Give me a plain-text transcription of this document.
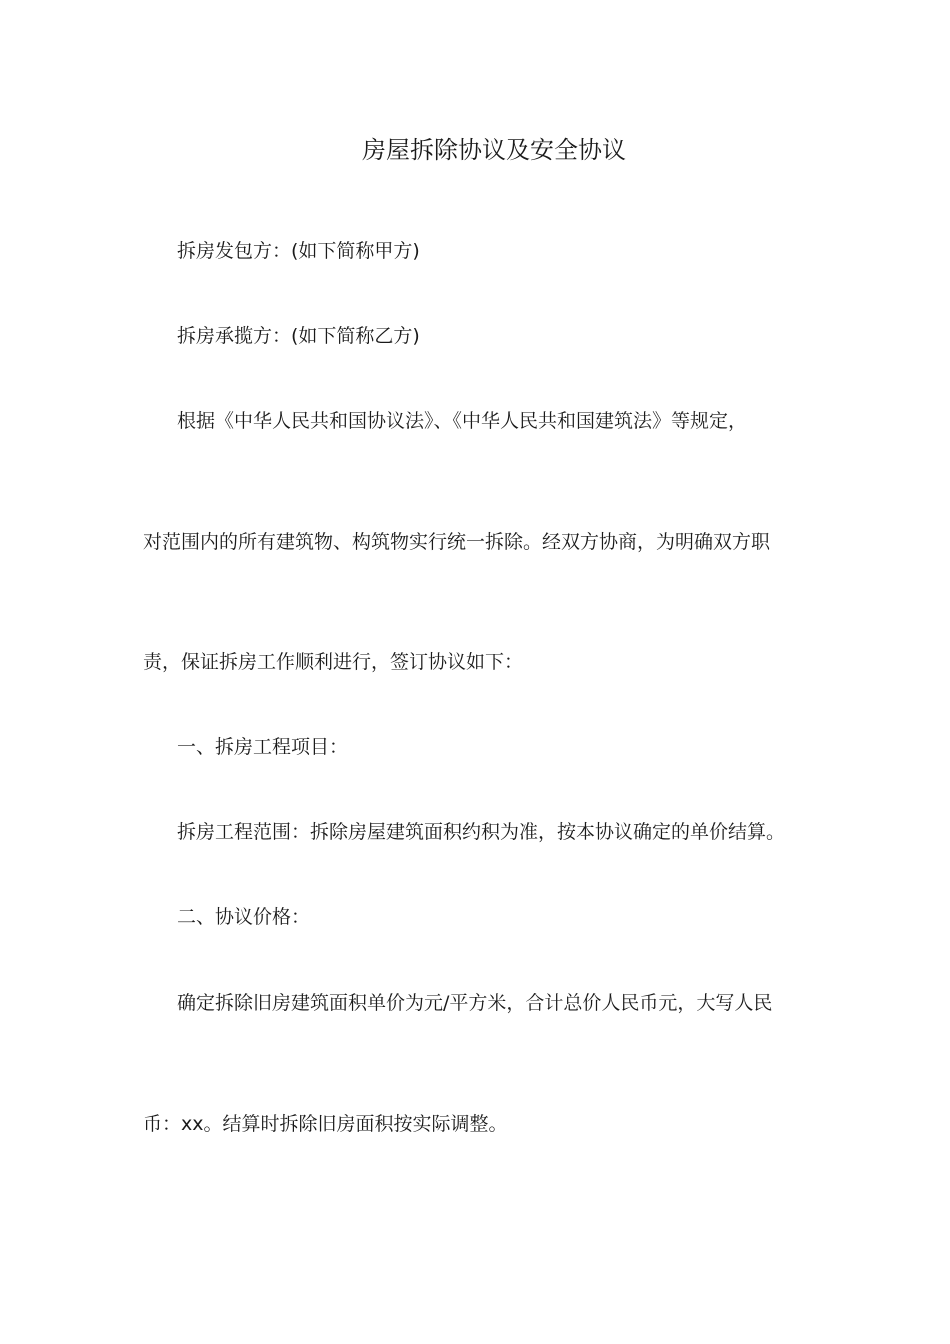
房屋拆除协议及安全协议
拆房发包方：(如下简称甲方)
拆房承揽方：(如下简称乙方)
根据《中华人民共和国协议法》、《中华人民共和国建筑法》等规定，
对范围内的所有建筑物、构筑物实行统一拆除。经双方协商，为明确双方职
责，保证拆房工作顺利进行，签订协议如下：
一、拆房工程项目：
拆房工程范围：拆除房屋建筑面积约积为准，按本协议确定的单价结算。
二、协议价格：
确定拆除旧房建筑面积单价为元/平方米，合计总价人民币元，大写人民
币：xx。结算时拆除旧房面积按实际调整。
